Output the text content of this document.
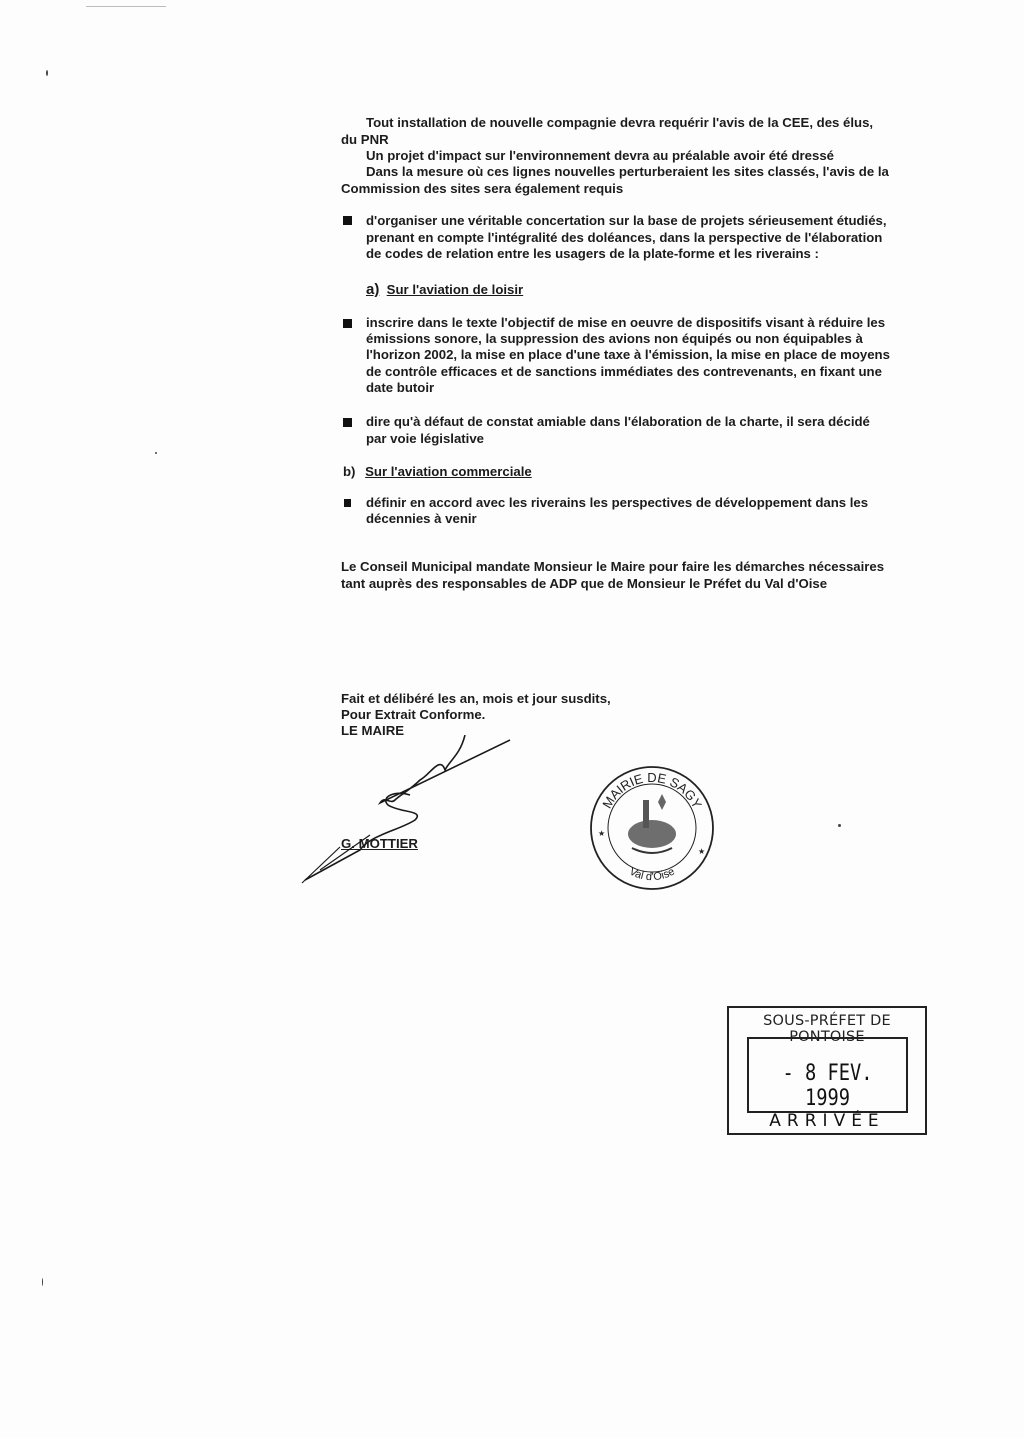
Tout installation de nouvelle compagnie devra requérir l'avis de la CEE, des élus,
du PNR
Un projet d'impact sur l'environnement devra au préalable avoir été dressé
Dans la mesure où ces lignes nouvelles perturberaient les sites classés, l'avis de la
Commission des sites sera également requis
d'organiser une véritable concertation sur la base de projets sérieusement étudiés,
prenant en compte l'intégralité des doléances, dans la perspective de l'élaboration
de codes de relation entre les usagers de la plate-forme et les riverains :
a) Sur l'aviation de loisir
inscrire dans le texte l'objectif de mise en oeuvre de dispositifs visant à réduire les
émissions sonore, la suppression des avions non équipés ou non équipables à
l'horizon 2002, la mise en place d'une taxe à l'émission, la mise en place de moyens
de contrôle efficaces et de sanctions immédiates des contrevenants, en fixant une
date butoir
dire qu'à défaut de constat amiable dans l'élaboration de la charte, il sera décidé
par voie législative
b) Sur l'aviation commerciale
définir en accord avec les riverains les perspectives de développement dans les
décennies à venir
Le Conseil Municipal mandate Monsieur le Maire pour faire les démarches nécessaires
tant auprès des responsables de ADP que de Monsieur le Préfet du Val d'Oise
Fait et délibéré les an, mois et jour susdits,
Pour Extrait Conforme.
LE MAIRE
G. MOTTIER
MAIRIE DE SAGY
Val d'Oise
★
★
SOUS-PRÉFET DE PONTOISE
- 8 FEV. 1999
ARRIVÉE
